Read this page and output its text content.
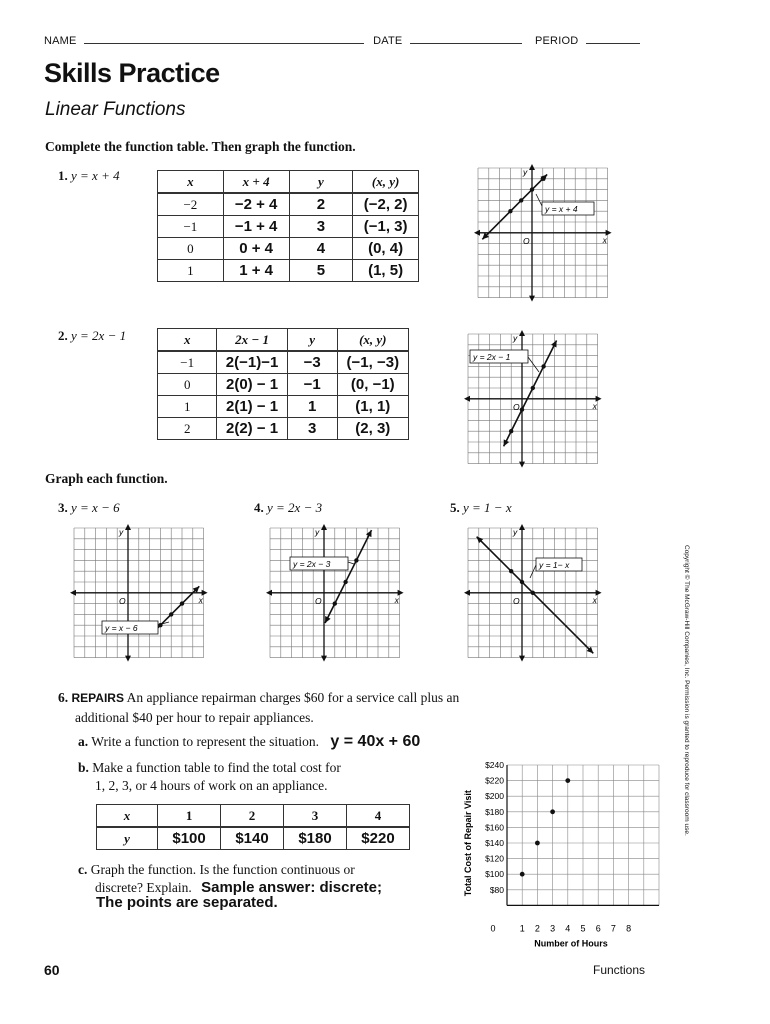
NAME	DATE	PERIOD
Skills Practice
Linear Functions
Complete the function table. Then graph the function.
1. y = x + 4	x	x + 4	y	(x, y)
−2	−2 + 4	2	(−2, 2)
−1	−1 + 4	3	(−1, 3)
0	0 + 4	4	(0, 4)
1	1 + 4	5	(1, 5)
O	x
y
y = x + 4
2. y = 2x − 1	x	2x − 1	y	(x, y)
−1	2(−1)−1	−3	(−1, −3)
0	2(0) − 1	−1	(0, −1)
1	2(1) − 1	1	(1, 1)
2	2(2) − 1	3	(2, 3)
O	x
y
y = 2x − 1
Graph each function.
3. y = x − 6
O	x
y
y = x − 6
4. y = 2x − 3
O	x
y
y = 2x − 3
5. y = 1 − x
O	x
y
y = 1− x
6. REPAIRS An appliance repairman charges $60 for a service call plus an
additional $40 per hour to repair appliances.
a. Write a function to represent the situation. y = 40x + 60
b. Make a function table to find the total cost for
1, 2, 3, or 4 hours of work on an appliance.
x	1	2	3	4
y	$100	$140	$180	$220
c. Graph the function. Is the function continuous or
discrete? Explain. Sample answer: discrete;
The points are separated.
$80
$100
$120
$140
$160
$180
$200
$220
$240
0	1 2 3 4 5 6 7 8
Number of Hours
Total Cost of Repair Visit
Copyright © The McGraw-Hill Companies, Inc. Permission is granted to reproduce for classroom use.
60	Functions
